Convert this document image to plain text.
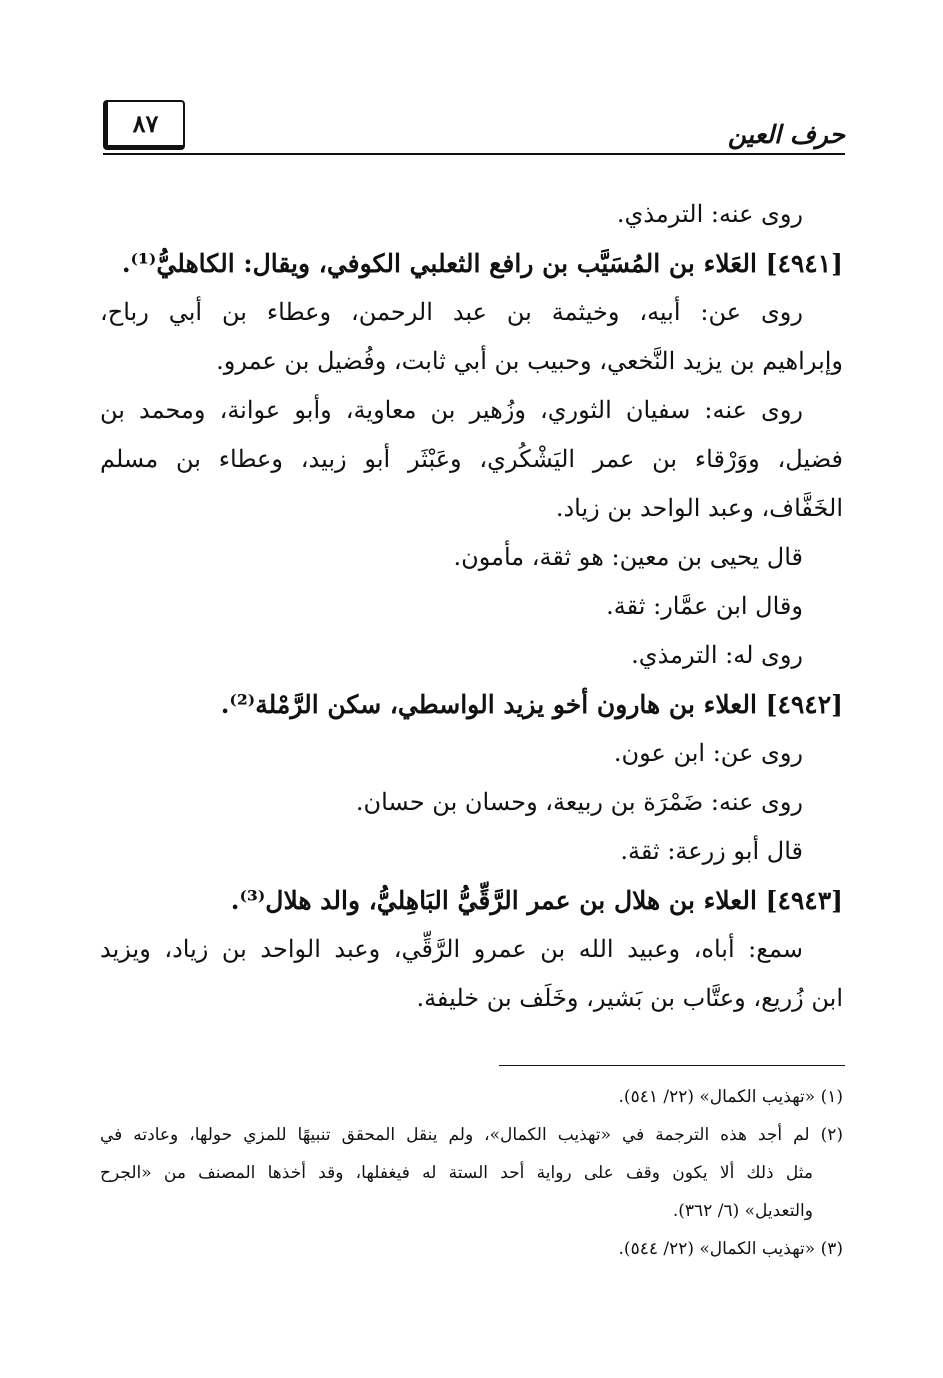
٨٧	حرف العين
روى عنه: الترمذي.
[٤٩٤١] العَلاء بن المُسَيَّب بن رافع الثعلبي الكوفي، ويقال: الكاهليُّ⁽¹⁾.
روى عن: أبيه، وخيثمة بن عبد الرحمن، وعطاء بن أبي رباح،
وإبراهيم بن يزيد النَّخعي، وحبيب بن أبي ثابت، وفُضيل بن عمرو.
روى عنه: سفيان الثوري، وزُهير بن معاوية، وأبو عوانة، ومحمد بن
فضيل، ووَرْقاء بن عمر اليَشْكُري، وعَبْثَر أبو زبيد، وعطاء بن مسلم
الخَفَّاف، وعبد الواحد بن زياد.
قال يحيى بن معين: هو ثقة، مأمون.
وقال ابن عمَّار: ثقة.
روى له: الترمذي.
[٤٩٤٢] العلاء بن هارون أخو يزيد الواسطي، سكن الرَّمْلة⁽²⁾.
روى عن: ابن عون.
روى عنه: ضَمْرَة بن ربيعة، وحسان بن حسان.
قال أبو زرعة: ثقة.
[٤٩٤٣] العلاء بن هلال بن عمر الرَّقِّيُّ البَاهِليُّ، والد هلال⁽³⁾.
سمع: أباه، وعبيد الله بن عمرو الرَّقِّي، وعبد الواحد بن زياد، ويزيد
ابن زُريع، وعتَّاب بن بَشير، وخَلَف بن خليفة.
(١) «تهذيب الكمال» (٢٢/ ٥٤١).
(٢) لم أجد هذه الترجمة في «تهذيب الكمال»، ولم ينقل المحقق تنبيهًا للمزي حولها، وعادته في
مثل ذلك ألا يكون وقف على رواية أحد الستة له فيغفلها، وقد أخذها المصنف من «الجرح
والتعديل» (٦/ ٣٦٢).
(٣) «تهذيب الكمال» (٢٢/ ٥٤٤).
